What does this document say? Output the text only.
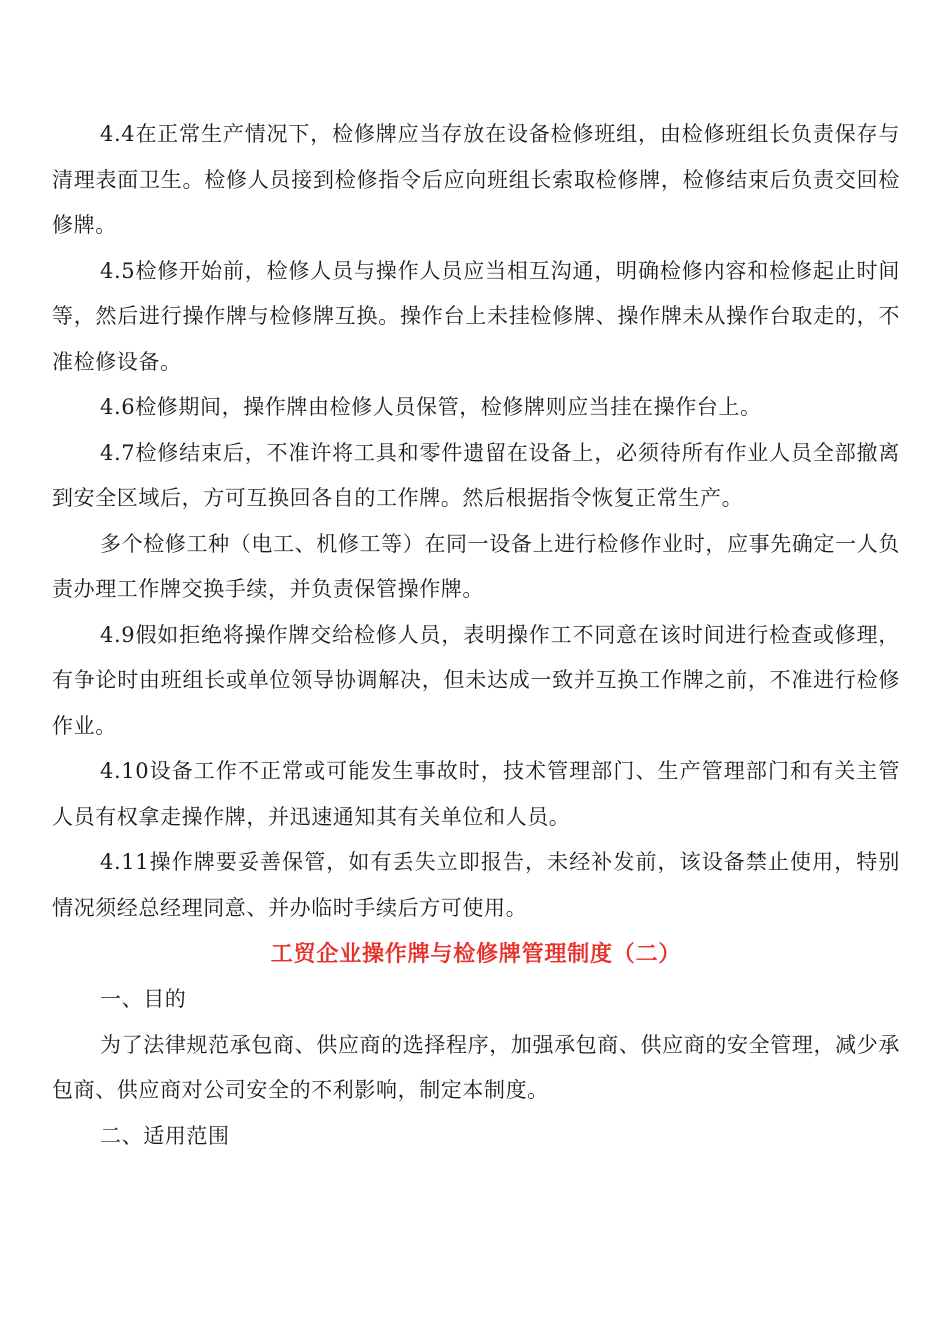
4.4在正常生产情况下，检修牌应当存放在设备检修班组，由检修班组长负责保存与清理表面卫生。检修人员接到检修指令后应向班组长索取检修牌，检修结束后负责交回检修牌。

4.5检修开始前，检修人员与操作人员应当相互沟通，明确检修内容和检修起止时间等，然后进行操作牌与检修牌互换。操作台上未挂检修牌、操作牌未从操作台取走的，不准检修设备。

4.6检修期间，操作牌由检修人员保管，检修牌则应当挂在操作台上。

4.7检修结束后，不准许将工具和零件遗留在设备上，必须待所有作业人员全部撤离到安全区域后，方可互换回各自的工作牌。然后根据指令恢复正常生产。

多个检修工种（电工、机修工等）在同一设备上进行检修作业时，应事先确定一人负责办理工作牌交换手续，并负责保管操作牌。

4.9假如拒绝将操作牌交给检修人员，表明操作工不同意在该时间进行检查或修理，有争论时由班组长或单位领导协调解决，但未达成一致并互换工作牌之前，不准进行检修作业。

4.10设备工作不正常或可能发生事故时，技术管理部门、生产管理部门和有关主管人员有权拿走操作牌，并迅速通知其有关单位和人员。

4.11操作牌要妥善保管，如有丢失立即报告，未经补发前，该设备禁止使用，特别情况须经总经理同意、并办临时手续后方可使用。

工贸企业操作牌与检修牌管理制度（二）

一、目的

为了法律规范承包商、供应商的选择程序，加强承包商、供应商的安全管理，减少承包商、供应商对公司安全的不利影响，制定本制度。

二、适用范围
